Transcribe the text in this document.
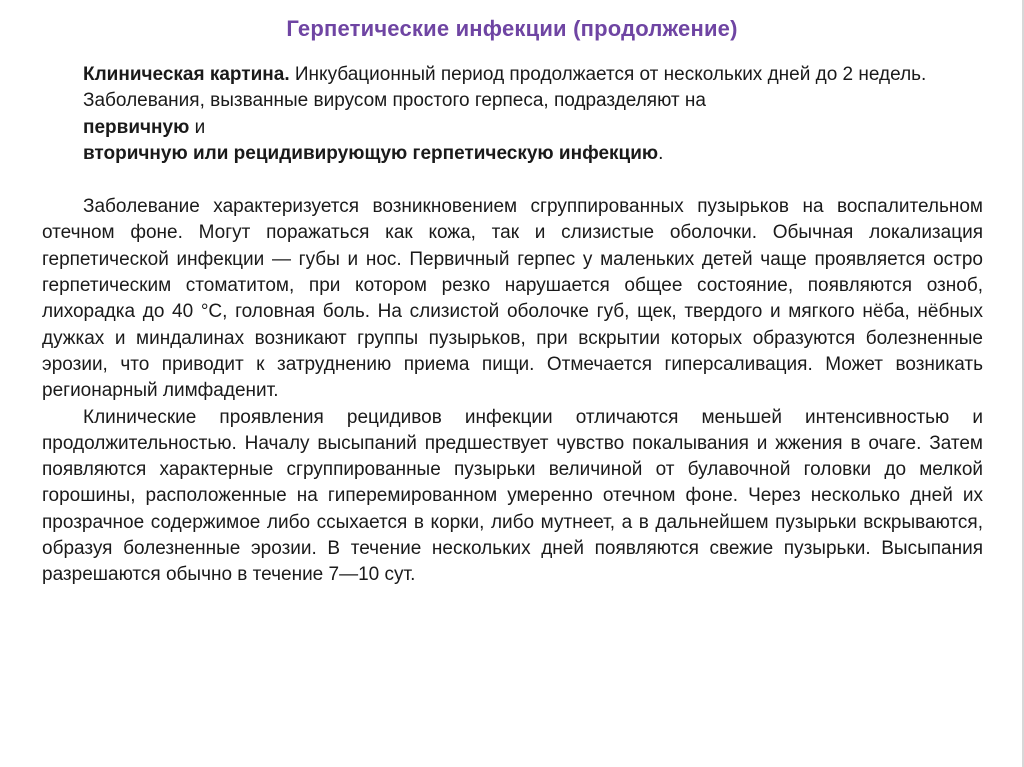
Герпетические инфекции (продолжение)

Клиническая картина. Инкубационный период продолжается от нескольких дней до 2 недель.

Заболевания, вызванные вирусом простого герпеса, подразделяют на

первичную и

вторичную или рецидивирующую герпетическую инфекцию.

Заболевание характеризуется возникновением сгруппированных пузырьков на воспалительном отечном фоне. Могут поражаться как кожа, так и слизистые оболочки. Обычная локализация герпетической инфекции — губы и нос. Первичный герпес у маленьких детей чаще проявляется остро герпетическим стоматитом, при котором резко нарушается общее состояние, появляются озноб, лихорадка до 40 °С, головная боль. На слизистой оболочке губ, щек, твердого и мягкого нёба, нёбных дужках и миндалинах возникают группы пузырьков, при вскрытии которых образуются болезненные эрозии, что приводит к затруднению приема пищи. Отмечается гиперсаливация. Может возникать регионарный лимфаденит.

Клинические проявления рецидивов инфекции отличаются меньшей интенсивностью и продолжительностью. Началу высыпаний предшествует чувство покалывания и жжения в очаге. Затем появляются характерные сгруппированные пузырьки величиной от булавочной головки до мелкой горошины, расположенные на гиперемированном умеренно отечном фоне. Через несколько дней их прозрачное содержимое либо ссыхается в корки, либо мутнеет, а в дальнейшем пузырьки вскрываются, образуя болезненные эрозии. В течение нескольких дней появляются свежие пузырьки. Высыпания разрешаются обычно в течение 7—10 сут.
